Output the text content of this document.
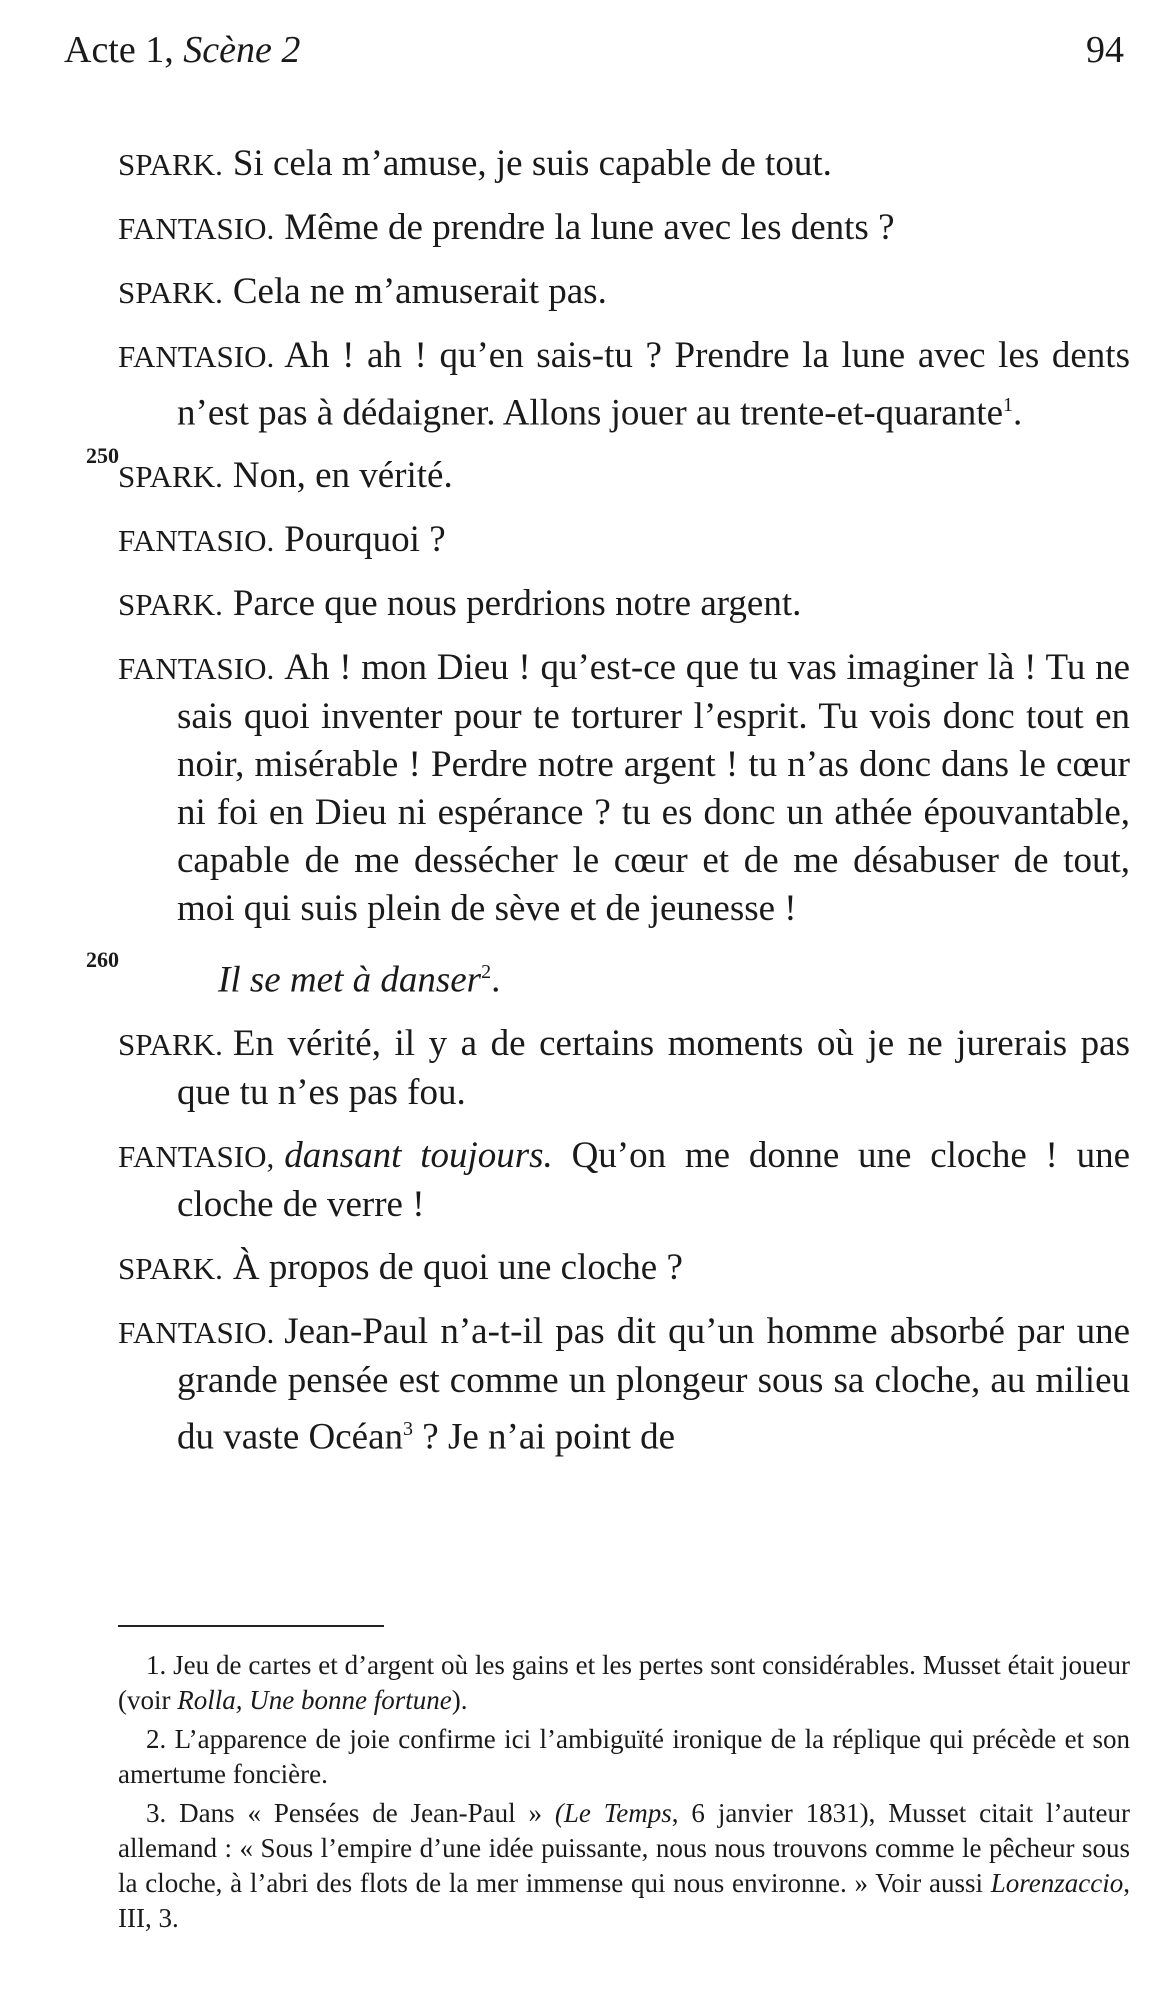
Acte 1, Scène 2	94

SPARK. Si cela m’amuse, je suis capable de tout.

FANTASIO. Même de prendre la lune avec les dents ?

SPARK. Cela ne m’amuserait pas.

250
FANTASIO. Ah ! ah ! qu’en sais-tu ? Prendre la lune avec les dents n’est pas à dédaigner. Allons jouer au trente-et-quarante$^1$.

SPARK. Non, en vérité.

FANTASIO. Pourquoi ?

SPARK. Parce que nous perdrions notre argent.

260
FANTASIO. Ah ! mon Dieu ! qu’est-ce que tu vas imaginer là ! Tu ne sais quoi inventer pour te torturer l’esprit. Tu vois donc tout en noir, misérable ! Perdre notre argent ! tu n’as donc dans le cœur ni foi en Dieu ni espérance ? tu es donc un athée épouvantable, capable de me dessécher le cœur et de me désabuser de tout, moi qui suis plein de sève et de jeunesse !

Il se met à danser$^2$.

SPARK. En vérité, il y a de certains moments où je ne jurerais pas que tu n’es pas fou.

FANTASIO, dansant toujours. Qu’on me donne une cloche ! une cloche de verre !

SPARK. À propos de quoi une cloche ?

FANTASIO. Jean-Paul n’a-t-il pas dit qu’un homme absorbé par une grande pensée est comme un plongeur sous sa cloche, au milieu du vaste Océan$^3$ ? Je n’ai point de

1. Jeu de cartes et d’argent où les gains et les pertes sont considérables. Musset était joueur (voir Rolla, Une bonne fortune).

2. L’apparence de joie confirme ici l’ambiguïté ironique de la réplique qui précède et son amertume foncière.

3. Dans « Pensées de Jean-Paul » (Le Temps, 6 janvier 1831), Musset citait l’auteur allemand : « Sous l’empire d’une idée puissante, nous nous trouvons comme le pêcheur sous la cloche, à l’abri des flots de la mer immense qui nous environne. » Voir aussi Lorenzaccio, III, 3.
